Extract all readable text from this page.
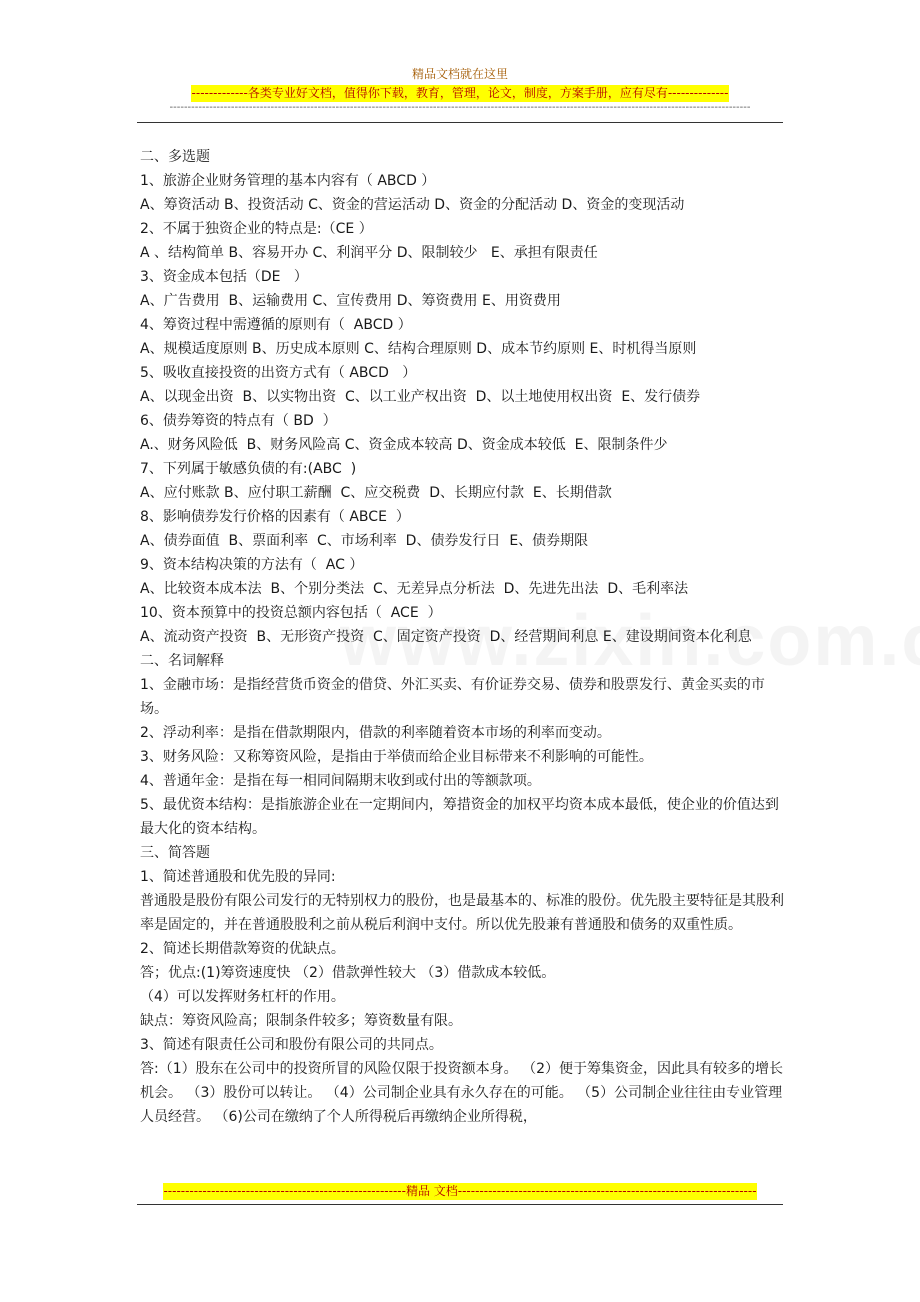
精品文档就在这里
-------------各类专业好文档，值得你下载，教育，管理，论文，制度，方案手册，应有尽有--------------
-----------------------------------------------------------------------------------------------------------------------------------------------------------------

二、多选题

1、旅游企业财务管理的基本内容有（ ABCD ）

A、筹资活动 B、投资活动 C、资金的营运活动 D、资金的分配活动 D、资金的变现活动

2、不属于独资企业的特点是:（CE ）

A 、结构简单 B、容易开办 C、利润平分 D、限制较少   E、承担有限责任

3、资金成本包括（DE   ）

A、广告费用  B、运输费用 C、宣传费用 D、筹资费用 E、用资费用

4、筹资过程中需遵循的原则有（  ABCD ）

A、规模适度原则 B、历史成本原则 C、结构合理原则 D、成本节约原则 E、时机得当原则

5、吸收直接投资的出资方式有（ ABCD   ）

A、以现金出资  B、以实物出资  C、以工业产权出资  D、以土地使用权出资  E、发行债券

6、债券筹资的特点有（ BD  ）

A.、财务风险低  B、财务风险高 C、资金成本较高 D、资金成本较低  E、限制条件少

7、下列属于敏感负债的有:(ABC  )

A、应付账款 B、应付职工薪酬  C、应交税费  D、长期应付款  E、长期借款

8、影响债券发行价格的因素有（ ABCE  ）

A、债券面值  B、票面利率  C、市场利率  D、债券发行日  E、债券期限

9、资本结构决策的方法有（  AC ）

A、比较资本成本法  B、个别分类法  C、无差异点分析法  D、先进先出法  D、毛利率法

10、资本预算中的投资总额内容包括（  ACE  ）

A、流动资产投资  B、无形资产投资  C、固定资产投资  D、经营期间利息 E、建设期间资本化利息

二、名词解释

1、金融市场：是指经营货币资金的借贷、外汇买卖、有价证券交易、债券和股票发行、黄金买卖的市场。

2、浮动利率：是指在借款期限内，借款的利率随着资本市场的利率而变动。

3、财务风险：又称筹资风险，是指由于举债而给企业目标带来不利影响的可能性。

4、普通年金：是指在每一相同间隔期末收到或付出的等额款项。

5、最优资本结构：是指旅游企业在一定期间内，筹措资金的加权平均资本成本最低，使企业的价值达到最大化的资本结构。

三、简答题

1、简述普通股和优先股的异同:

普通股是股份有限公司发行的无特别权力的股份，也是最基本的、标准的股份。优先股主要特征是其股利率是固定的，并在普通股股利之前从税后利润中支付。所以优先股兼有普通股和债务的双重性质。

2、简述长期借款筹资的优缺点。

答；优点:(1)筹资速度快 （2）借款弹性较大 （3）借款成本较低。

（4）可以发挥财务杠杆的作用。

缺点：筹资风险高；限制条件较多；筹资数量有限。

3、简述有限责任公司和股份有限公司的共同点。

答:（1）股东在公司中的投资所冒的风险仅限于投资额本身。 （2）便于筹集资金，因此具有较多的增长机会。 （3）股份可以转让。 （4）公司制企业具有永久存在的可能。 （5）公司制企业往往由专业管理人员经营。 （6)公司在缴纳了个人所得税后再缴纳企业所得税，

--------------------------------------------------------精品 文档---------------------------------------------------------------------
